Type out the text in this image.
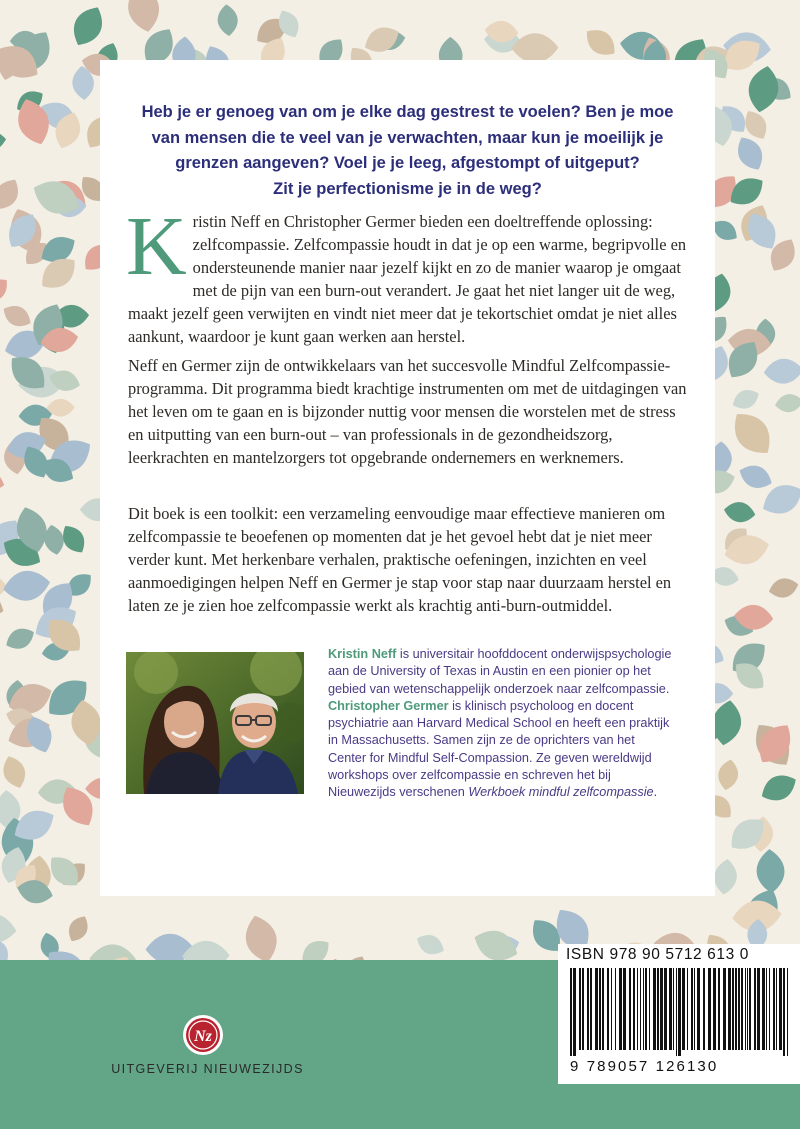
Heb je er genoeg van om je elke dag gestrest te voelen? Ben je moe
van mensen die te veel van je verwachten, maar kun je moeilijk je
grenzen aangeven? Voel je je leeg, afgestompt of uitgeput?
Zit je perfectionisme je in de weg?

Kristin Neff en Christopher Germer bieden een doeltreffende oplossing: zelfcompassie. Zelfcompassie houdt in dat je op een warme, begripvolle en ondersteunende manier naar jezelf kijkt en zo de manier waarop je omgaat met de pijn van een burn-out verandert. Je gaat het niet langer uit de weg, maakt jezelf geen verwijten en vindt niet meer dat je tekortschiet omdat je niet alles aankunt, waardoor je kunt gaan werken aan herstel.

Neff en Germer zijn de ontwikkelaars van het succesvolle Mindful Zelfcompassie-programma. Dit programma biedt krachtige instrumenten om met de uitdagingen van het leven om te gaan en is bijzonder nuttig voor mensen die worstelen met de stress en uitputting van een burn-out – van professionals in de gezondheidszorg, leerkrachten en mantelzorgers tot opgebrande ondernemers en werknemers.

Dit boek is een toolkit: een verzameling eenvoudige maar effectieve manieren om zelfcompassie te beoefenen op momenten dat je het gevoel hebt dat je niet meer verder kunt. Met herkenbare verhalen, praktische oefeningen, inzichten en veel aanmoedigingen helpen Neff en Germer je stap voor stap naar duurzaam herstel en laten ze je zien hoe zelfcompassie werkt als krachtig anti-burn-outmiddel.

Kristin Neff is universitair hoofddocent onderwijspsychologie aan de University of Texas in Austin en een pionier op het gebied van wetenschappelijk onderzoek naar zelfcompassie. Christopher Germer is klinisch psycholoog en docent psychiatrie aan Harvard Medical School en heeft een praktijk in Massachusetts. Samen zijn ze de oprichters van het Center for Mindful Self-Compassion. Ze geven wereldwijd workshops over zelfcompassie en schreven het bij Nieuwezijds verschenen Werkboek mindful zelfcompassie.

Nz
UITGEVERIJ NIEUWEZIJDS
ISBN 978 90 5712 613 0
9 789057 126130
